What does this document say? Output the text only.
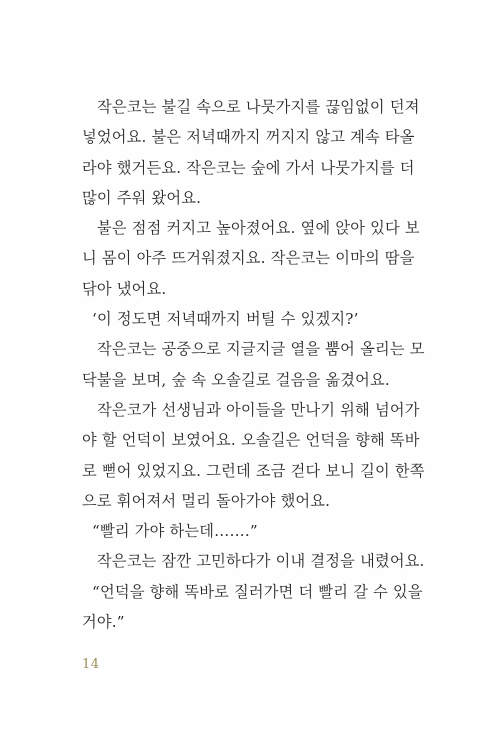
작은코는 불길 속으로 나뭇가지를 끊임없이 던져
넣었어요. 불은 저녁때까지 꺼지지 않고 계속 타올
라야 했거든요. 작은코는 숲에 가서 나뭇가지를 더
많이 주워 왔어요.
불은 점점 커지고 높아졌어요. 옆에 앉아 있다 보
니 몸이 아주 뜨거워졌지요. 작은코는 이마의 땀을
닦아 냈어요.
‘이 정도면 저녁때까지 버틸 수 있겠지?’
작은코는 공중으로 지글지글 열을 뿜어 올리는 모
닥불을 보며, 숲 속 오솔길로 걸음을 옮겼어요.
작은코가 선생님과 아이들을 만나기 위해 넘어가
야 할 언덕이 보였어요. 오솔길은 언덕을 향해 똑바
로 뻗어 있었지요. 그런데 조금 걷다 보니 길이 한쪽
으로 휘어져서 멀리 돌아가야 했어요.
“빨리 가야 하는데…….”
작은코는 잠깐 고민하다가 이내 결정을 내렸어요.
“언덕을 향해 똑바로 질러가면 더 빨리 갈 수 있을
거야.”
14
